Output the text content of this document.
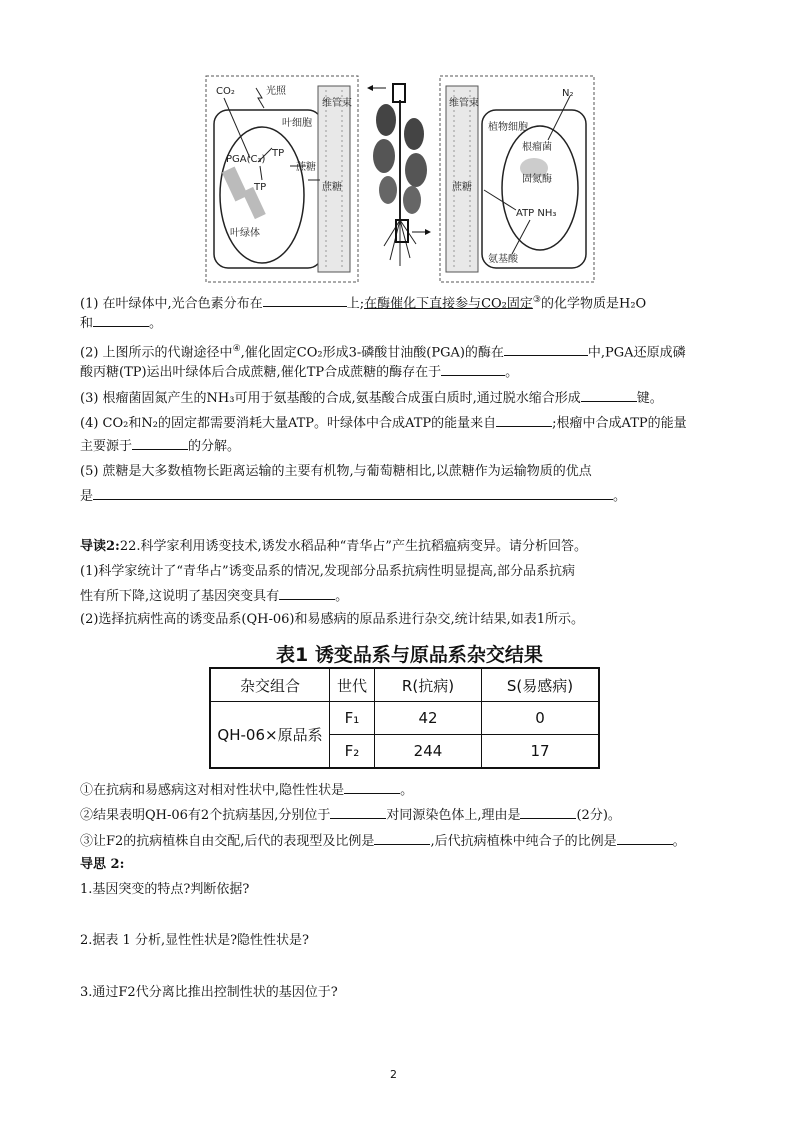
CO₂	光照
叶细胞
PGA(C₃)
TP
TP
叶绿体
蔗糖
维管束
蔗糖
维管束
植物细胞
N₂
根瘤菌
固氮酶
ATP NH₃
蔗糖
氨基酸
(1) 在叶绿体中,光合色素分布在	上;在酶催化下直接参与CO₂固定③的化学物质是H₂O
和	。
(2) 上图所示的代谢途径中④,催化固定CO₂形成3-磷酸甘油酸(PGA)的酶在	中,PGA还原成磷
酸丙糖(TP)运出叶绿体后合成蔗糖,催化TP合成蔗糖的酶存在于	。
(3) 根瘤菌固氮产生的NH₃可用于氨基酸的合成,氨基酸合成蛋白质时,通过脱水缩合形成	键。
(4) CO₂和N₂的固定都需要消耗大量ATP。叶绿体中合成ATP的能量来自	;根瘤中合成ATP的能量
主要源于	的分解。
(5) 蔗糖是大多数植物长距离运输的主要有机物,与葡萄糖相比,以蔗糖作为运输物质的优点
是	。
导读2:22.科学家利用诱变技术,诱发水稻品种“青华占”产生抗稻瘟病变异。请分析回答。
(1)科学家统计了“青华占”诱变品系的情况,发现部分品系抗病性明显提高,部分品系抗病
性有所下降,这说明了基因突变具有	。
(2)选择抗病性高的诱变品系(QH-06)和易感病的原品系进行杂交,统计结果,如表1所示。
表1 诱变品系与原品系杂交结果
杂交组合	世代	R(抗病)	S(易感病)
QH-06×原品系	F₁	42	0
	F₂	244	17
①在抗病和易感病这对相对性状中,隐性性状是	。
②结果表明QH-06有2个抗病基因,分别位于	对同源染色体上,理由是	(2分)。
③让F2的抗病植株自由交配,后代的表现型及比例是	,后代抗病植株中纯合子的比例是	。
导思 2:
1.基因突变的特点?判断依据?
2.据表 1 分析,显性性状是?隐性性状是?
3.通过F2代分离比推出控制性状的基因位于?
2
